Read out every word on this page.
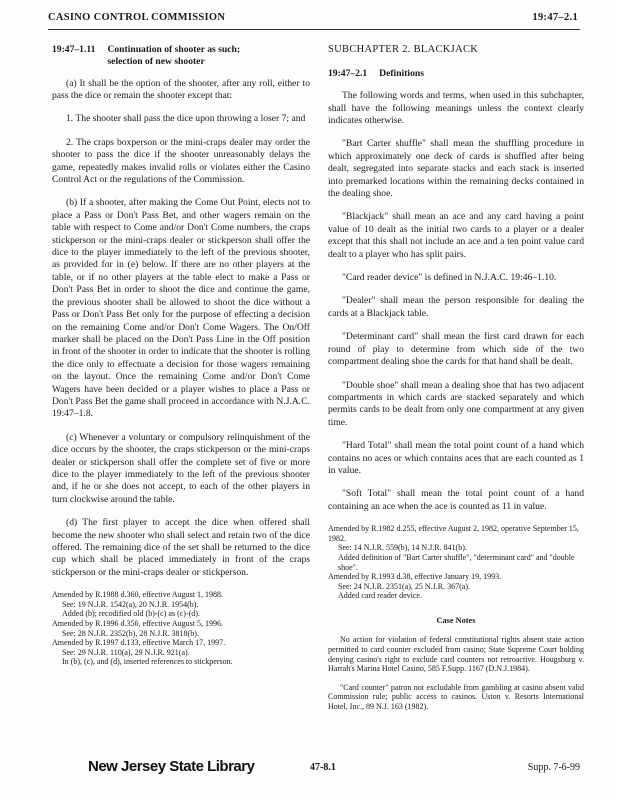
CASINO CONTROL COMMISSION	19:47–2.1
19:47–1.11 Continuation of shooter as such; selection of new shooter

(a) It shall be the option of the shooter, after any roll, either to pass the dice or remain the shooter except that:

1. The shooter shall pass the dice upon throwing a loser 7; and

2. The craps boxperson or the mini-craps dealer may order the shooter to pass the dice if the shooter unreasonably delays the game, repeatedly makes invalid rolls or violates either the Casino Control Act or the regulations of the Commission.

(b) If a shooter, after making the Come Out Point, elects not to place a Pass or Don't Pass Bet, and other wagers remain on the table with respect to Come and/or Don't Come numbers, the craps stickperson or the mini-craps dealer or stickperson shall offer the dice to the player immediately to the left of the previous shooter, as provided for in (e) below. If there are no other players at the table, or if no other players at the table elect to make a Pass or Don't Pass Bet in order to shoot the dice and continue the game, the previous shooter shall be allowed to shoot the dice without a Pass or Don't Pass Bet only for the purpose of effecting a decision on the remaining Come and/or Don't Come Wagers. The On/Off marker shall be placed on the Don't Pass Line in the Off position in front of the shooter in order to indicate that the shooter is rolling the dice only to effectuate a decision for those wagers remaining on the layout. Once the remaining Come and/or Don't Come Wagers have been decided or a player wishes to place a Pass or Don't Pass Bet the game shall proceed in accordance with N.J.A.C. 19:47–1.8.

(c) Whenever a voluntary or compulsory relinquishment of the dice occurs by the shooter, the craps stickperson or the mini-craps dealer or stickperson shall offer the complete set of five or more dice to the player immediately to the left of the previous shooter and, if he or she does not accept, to each of the other players in turn clockwise around the table.

(d) The first player to accept the dice when offered shall become the new shooter who shall select and retain two of the dice offered. The remaining dice of the set shall be returned to the dice cup which shall be placed immediately in front of the craps stickperson or the mini-craps dealer or stickperson.

Amended by R.1988 d.360, effective August 1, 1988.
See: 19 N.J.R. 1542(a), 20 N.J.R. 1954(b).
Added (b); recodified old (b)-(c) as (c)-(d).
Amended by R.1996 d.356, effective August 5, 1996.
See: 28 N.J.R. 2352(b), 28 N.J.R. 3818(b).
Amended by R.1997 d.133, effective March 17, 1997.
See: 29 N.J.R. 110(a), 29 N.J.R. 921(a).
In (b), (c), and (d), inserted references to stickperson.
SUBCHAPTER 2. BLACKJACK
19:47–2.1 Definitions

The following words and terms, when used in this subchapter, shall have the following meanings unless the context clearly indicates otherwise.

"Bart Carter shuffle" shall mean the shuffling procedure in which approximately one deck of cards is shuffled after being dealt, segregated into separate stacks and each stack is inserted into premarked locations within the remaining decks contained in the dealing shoe.

"Blackjack" shall mean an ace and any card having a point value of 10 dealt as the initial two cards to a player or a dealer except that this shall not include an ace and a ten point value card dealt to a player who has split pairs.

"Card reader device" is defined in N.J.A.C. 19:46–1.10.

"Dealer" shall mean the person responsible for dealing the cards at a Blackjack table.

"Determinant card" shall mean the first card drawn for each round of play to determine from which side of the two compartment dealing shoe the cards for that hand shall be dealt.

"Double shoe" shall mean a dealing shoe that has two adjacent compartments in which cards are stacked separately and which permits cards to be dealt from only one compartment at any given time.

"Hard Total" shall mean the total point count of a hand which contains no aces or which contains aces that are each counted as 1 in value.

"Soft Total" shall mean the total point count of a hand containing an ace when the ace is counted as 11 in value.

Amended by R.1982 d.255, effective August 2, 1982, operative September 15, 1982.
See: 14 N.J.R. 559(b), 14 N.J.R. 841(b).
Added definition of "Bart Carter shuffle", "determinant card" and "double shoe".
Amended by R.1993 d.38, effective January 19, 1993.
See: 24 N.J.R. 2351(a), 25 N.J.R. 367(a).
Added card reader device.
Case Notes
No action for violation of federal constitutional rights absent state action permitted to card counter excluded from casino; State Supreme Court holding denying casino's right to exclude card counters not retroactive. Hougsburg v. Harrah's Marina Hotel Casino, 585 F.Supp. 1167 (D.N.J.1984).
"Card counter" patron not excludable from gambling at casino absent valid Commission rule; public access to casinos. Uston v. Resorts International Hotel, Inc., 89 N.J. 163 (1982).
New Jersey State Library	47-8.1	Supp. 7-6-99
